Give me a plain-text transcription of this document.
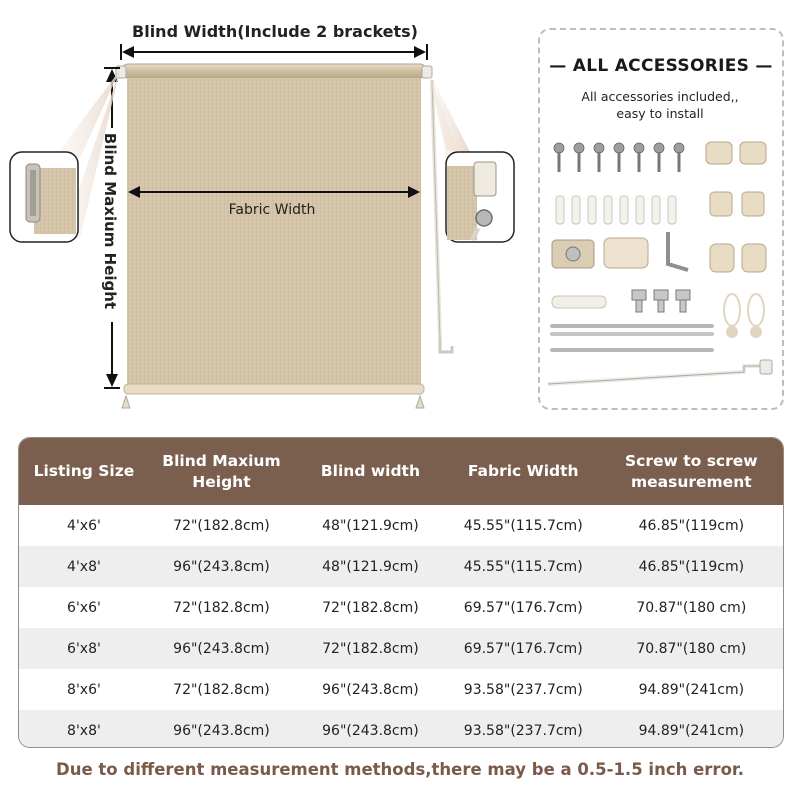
Blind Width(Include 2 brackets)
Blind Maxium Height	Fabric Width
— ALL ACCESSORIES —
All accessories included,,
easy to install
Listing Size	Blind Maxium Height	Blind width	Fabric Width	Screw to screw measurement
4'x6'	72"(182.8cm)	48"(121.9cm)	45.55"(115.7cm)	46.85"(119cm)
4'x8'	96"(243.8cm)	48"(121.9cm)	45.55"(115.7cm)	46.85"(119cm)
6'x6'	72"(182.8cm)	72"(182.8cm)	69.57"(176.7cm)	70.87"(180 cm)
6'x8'	96"(243.8cm)	72"(182.8cm)	69.57"(176.7cm)	70.87"(180 cm)
8'x6'	72"(182.8cm)	96"(243.8cm)	93.58"(237.7cm)	94.89"(241cm)
8'x8'	96"(243.8cm)	96"(243.8cm)	93.58"(237.7cm)	94.89"(241cm)
Due to different measurement methods,there may be a 0.5-1.5 inch error.
